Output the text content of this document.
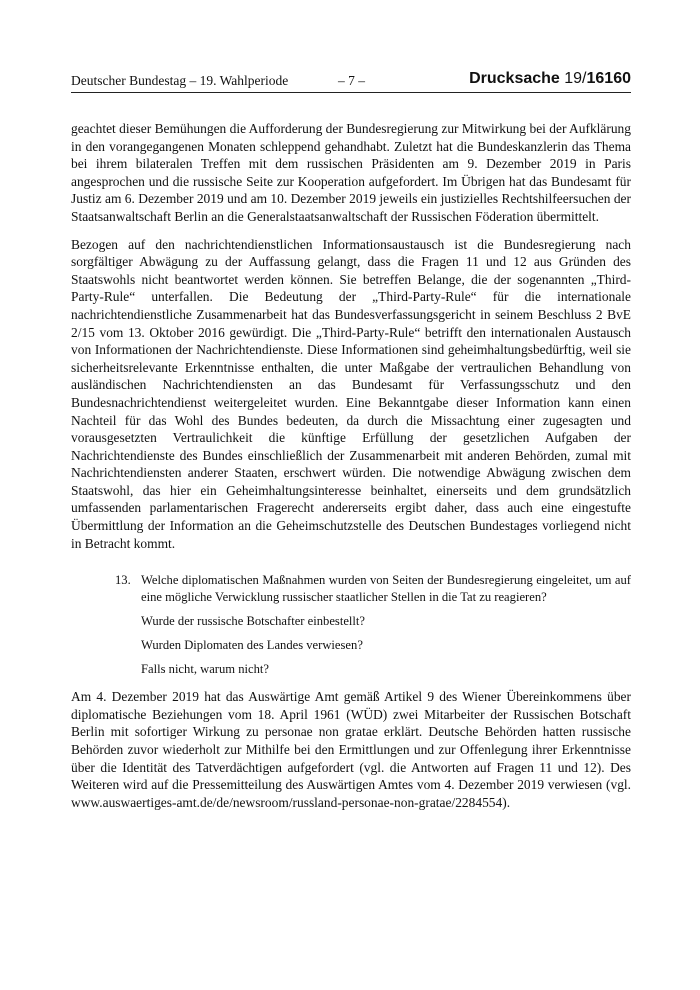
Deutscher Bundestag – 19. Wahlperiode	– 7 –	Drucksache 19/16160

geachtet dieser Bemühungen die Aufforderung der Bundesregierung zur Mitwirkung bei der Aufklärung in den vorangegangenen Monaten schleppend gehandhabt. Zuletzt hat die Bundeskanzlerin das Thema bei ihrem bilateralen Treffen mit dem russischen Präsidenten am 9. Dezember 2019 in Paris angesprochen und die russische Seite zur Kooperation aufgefordert. Im Übrigen hat das Bundesamt für Justiz am 6. Dezember 2019 und am 10. Dezember 2019 jeweils ein justizielles Rechtshilfeersuchen der Staatsanwaltschaft Berlin an die Generalstaatsanwaltschaft der Russischen Föderation übermittelt.

Bezogen auf den nachrichtendienstlichen Informationsaustausch ist die Bundesregierung nach sorgfältiger Abwägung zu der Auffassung gelangt, dass die Fragen 11 und 12 aus Gründen des Staatswohls nicht beantwortet werden können. Sie betreffen Belange, die der sogenannten „Third-Party-Rule“ unterfallen. Die Bedeutung der „Third-Party-Rule“ für die internationale nachrichtendienstliche Zusammenarbeit hat das Bundesverfassungsgericht in seinem Beschluss 2 BvE 2/15 vom 13. Oktober 2016 gewürdigt. Die „Third-Party-Rule“ betrifft den internationalen Austausch von Informationen der Nachrichtendienste. Diese Informationen sind geheimhaltungsbedürftig, weil sie sicherheitsrelevante Erkenntnisse enthalten, die unter Maßgabe der vertraulichen Behandlung von ausländischen Nachrichtendiensten an das Bundesamt für Verfassungsschutz und den Bundesnachrichtendienst weitergeleitet wurden. Eine Bekanntgabe dieser Information kann einen Nachteil für das Wohl des Bundes bedeuten, da durch die Missachtung einer zugesagten und vorausgesetzten Vertraulichkeit die künftige Erfüllung der gesetzlichen Aufgaben der Nachrichtendienste des Bundes einschließlich der Zusammenarbeit mit anderen Behörden, zumal mit Nachrichtendiensten anderer Staaten, erschwert würden. Die notwendige Abwägung zwischen dem Staatswohl, das hier ein Geheimhaltungsinteresse beinhaltet, einerseits und dem grundsätzlich umfassenden parlamentarischen Fragerecht andererseits ergibt daher, dass auch eine eingestufte Übermittlung der Information an die Geheimschutzstelle des Deutschen Bundestages vorliegend nicht in Betracht kommt.

13. Welche diplomatischen Maßnahmen wurden von Seiten der Bundesregierung eingeleitet, um auf eine mögliche Verwicklung russischer staatlicher Stellen in die Tat zu reagieren?
Wurde der russische Botschafter einbestellt?
Wurden Diplomaten des Landes verwiesen?
Falls nicht, warum nicht?

Am 4. Dezember 2019 hat das Auswärtige Amt gemäß Artikel 9 des Wiener Übereinkommens über diplomatische Beziehungen vom 18. April 1961 (WÜD) zwei Mitarbeiter der Russischen Botschaft Berlin mit sofortiger Wirkung zu personae non gratae erklärt. Deutsche Behörden hatten russische Behörden zuvor wiederholt zur Mithilfe bei den Ermittlungen und zur Offenlegung ihrer Erkenntnisse über die Identität des Tatverdächtigen aufgefordert (vgl. die Antworten auf Fragen 11 und 12). Des Weiteren wird auf die Pressemitteilung des Auswärtigen Amtes vom 4. Dezember 2019 verwiesen (vgl. www.auswaertiges-amt.de/de/newsroom/russland-personae-non-gratae/2284554).
